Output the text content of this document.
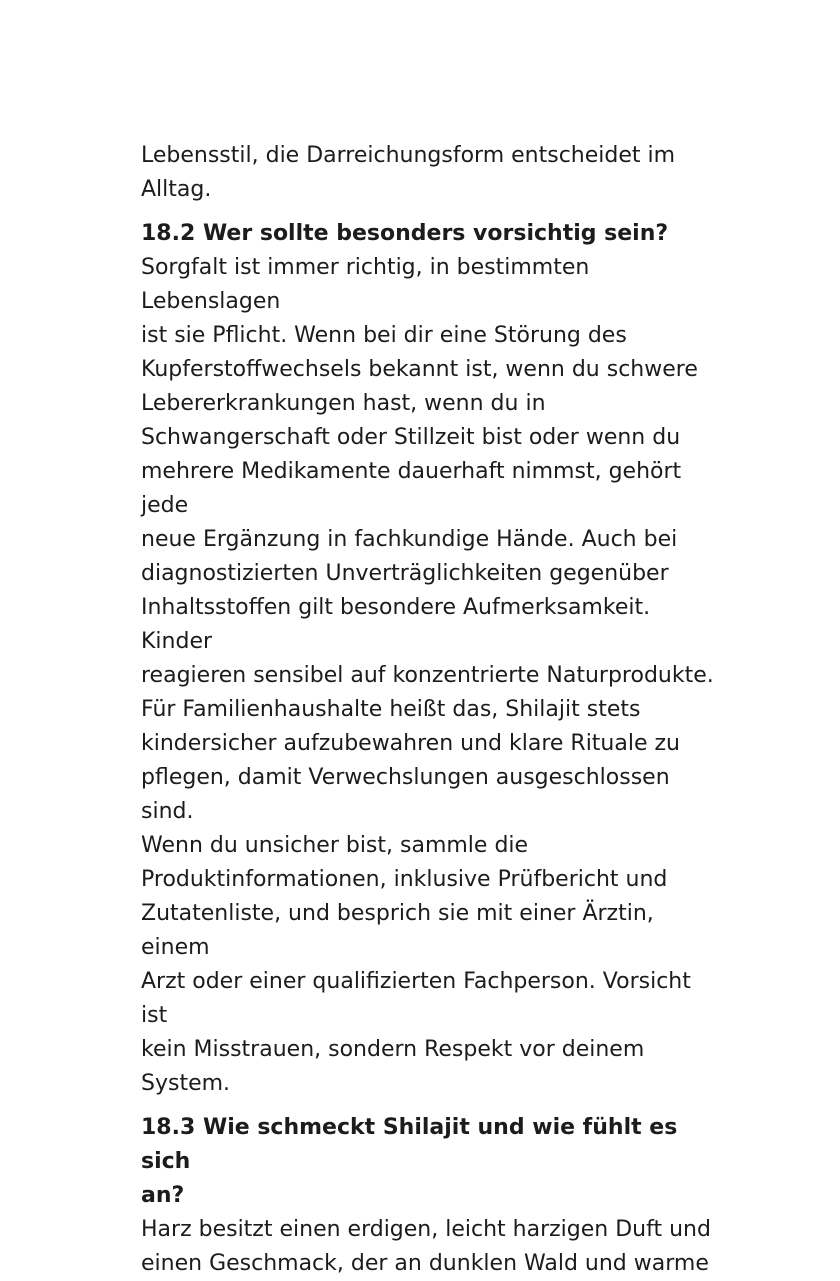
Lebensstil, die Darreichungsform entscheidet im
Alltag.

18.2 Wer sollte besonders vorsichtig sein?

Sorgfalt ist immer richtig, in bestimmten Lebenslagen
ist sie Pflicht. Wenn bei dir eine Störung des
Kupferstoffwechsels bekannt ist, wenn du schwere
Lebererkrankungen hast, wenn du in
Schwangerschaft oder Stillzeit bist oder wenn du
mehrere Medikamente dauerhaft nimmst, gehört jede
neue Ergänzung in fachkundige Hände. Auch bei
diagnostizierten Unverträglichkeiten gegenüber
Inhaltsstoffen gilt besondere Aufmerksamkeit. Kinder
reagieren sensibel auf konzentrierte Naturprodukte.
Für Familienhaushalte heißt das, Shilajit stets
kindersicher aufzubewahren und klare Rituale zu
pflegen, damit Verwechslungen ausgeschlossen sind.
Wenn du unsicher bist, sammle die
Produktinformationen, inklusive Prüfbericht und
Zutatenliste, und besprich sie mit einer Ärztin, einem
Arzt oder einer qualifizierten Fachperson. Vorsicht ist
kein Misstrauen, sondern Respekt vor deinem
System.

18.3 Wie schmeckt Shilajit und wie fühlt es sich
an?

Harz besitzt einen erdigen, leicht harzigen Duft und
einen Geschmack, der an dunklen Wald und warme
